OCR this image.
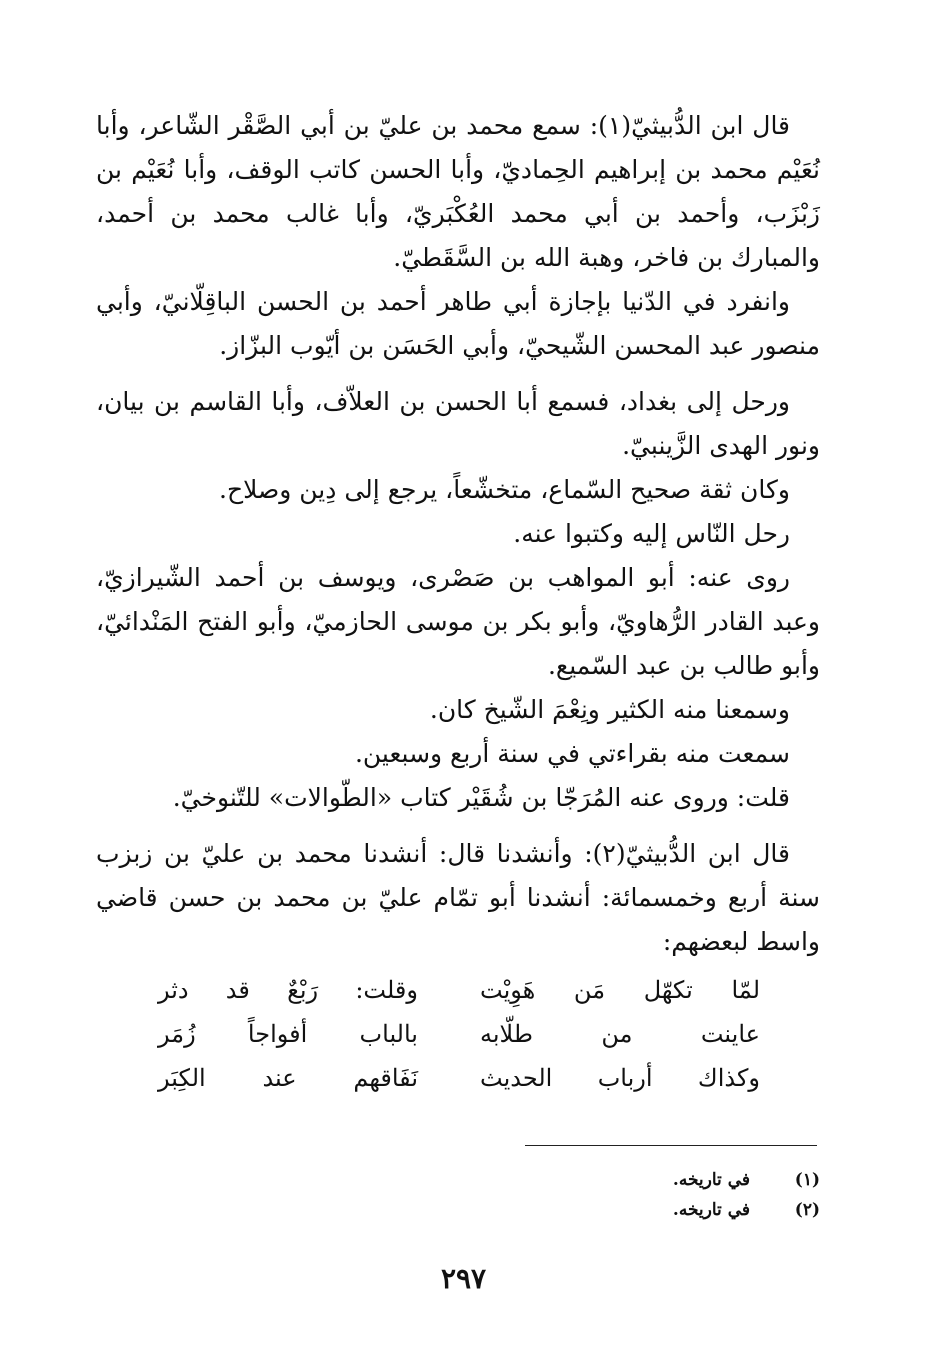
قال ابن الدُّبيثيّ(١): سمع محمد بن عليّ بن أبي الصَّقْر الشّاعر، وأبا نُعَيْم محمد بن إبراهيم الحِماديّ، وأبا الحسن كاتب الوقف، وأبا نُعَيْم بن زَبْزَب، وأحمد بن أبي محمد العُكْبَريّ، وأبا غالب محمد بن أحمد، والمبارك بن فاخر، وهبة الله بن السَّقَطيّ.

وانفرد في الدّنيا بإجازة أبي طاهر أحمد بن الحسن الباقِلّانيّ، وأبي منصور عبد المحسن الشّيحيّ، وأبي الحَسَن بن أيّوب البزّاز.

ورحل إلى بغداد، فسمع أبا الحسن بن العلاّف، وأبا القاسم بن بيان، ونور الهدى الزَّينبيّ.

وكان ثقة صحيح السّماع، متخشّعاً، يرجع إلى دِين وصلاح.

رحل النّاس إليه وكتبوا عنه.

روى عنه: أبو المواهب بن صَصْرى، ويوسف بن أحمد الشّيرازيّ، وعبد القادر الرُّهاويّ، وأبو بكر بن موسى الحازميّ، وأبو الفتح المَنْدائيّ، وأبو طالب بن عبد السّميع.

وسمعنا منه الكثير ونِعْمَ الشّيخ كان.

سمعت منه بقراءتي في سنة أربع وسبعين.

قلت: وروى عنه المُرَجّا بن شُقَيْر كتاب «الطّوالات» للتّنوخيّ.

قال ابن الدُّبيثيّ(٢): وأنشدنا قال: أنشدنا محمد بن عليّ بن زبزب سنة أربع وخمسمائة: أنشدنا أبو تمّام عليّ بن محمد بن حسن قاضي واسط لبعضهم:

لمّا تكهّل مَن هَوِيْت
وقلت: رَبْعٌ قد دثر
عاينت من طلّابه
بالباب أفواجاً زُمَر
وكذاك أرباب الحديث
نَفَاقهم عند الكِبَر
(١)
في تاريخه.
(٢)
في تاريخه.
٢٩٧
